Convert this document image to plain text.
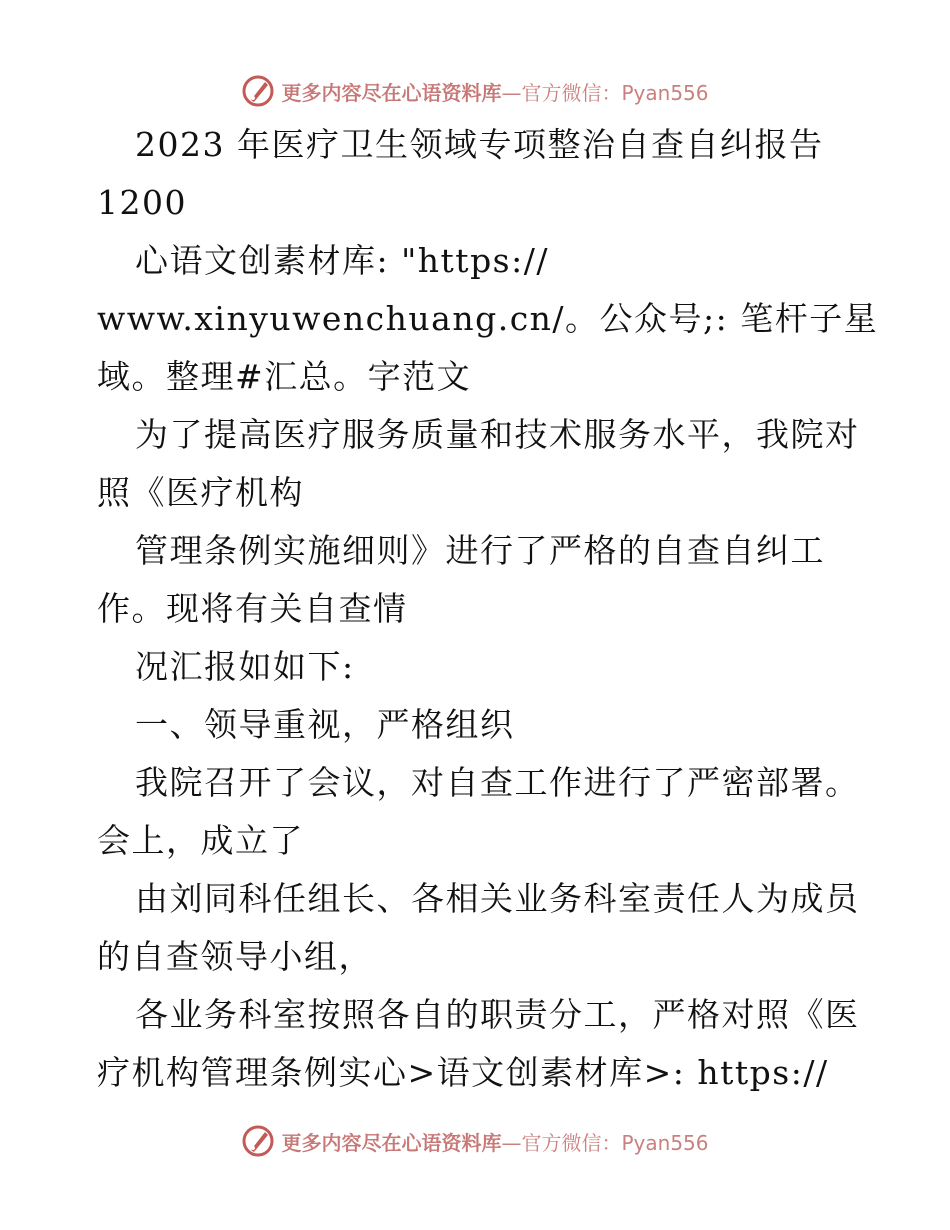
更多内容尽在心语资料库—官方微信：Pyan556
2023 年医疗卫生领域专项整治自查自纠报告
1200
心语文创素材库: "https://
www.xinyuwenchuang.cn/。公众号;: 笔杆子星
域。整理#汇总。字范文
为了提高医疗服务质量和技术服务水平，我院对
照《医疗机构
管理条例实施细则》进行了严格的自查自纠工
作。现将有关自查情
况汇报如如下:
一、领导重视，严格组织
我院召开了会议，对自查工作进行了严密部署。
会上，成立了
由刘同科任组长、各相关业务科室责任人为成员
的自查领导小组，
各业务科室按照各自的职责分工，严格对照《医
疗机构管理条例实心>语文创素材库>: https://
更多内容尽在心语资料库—官方微信：Pyan556
